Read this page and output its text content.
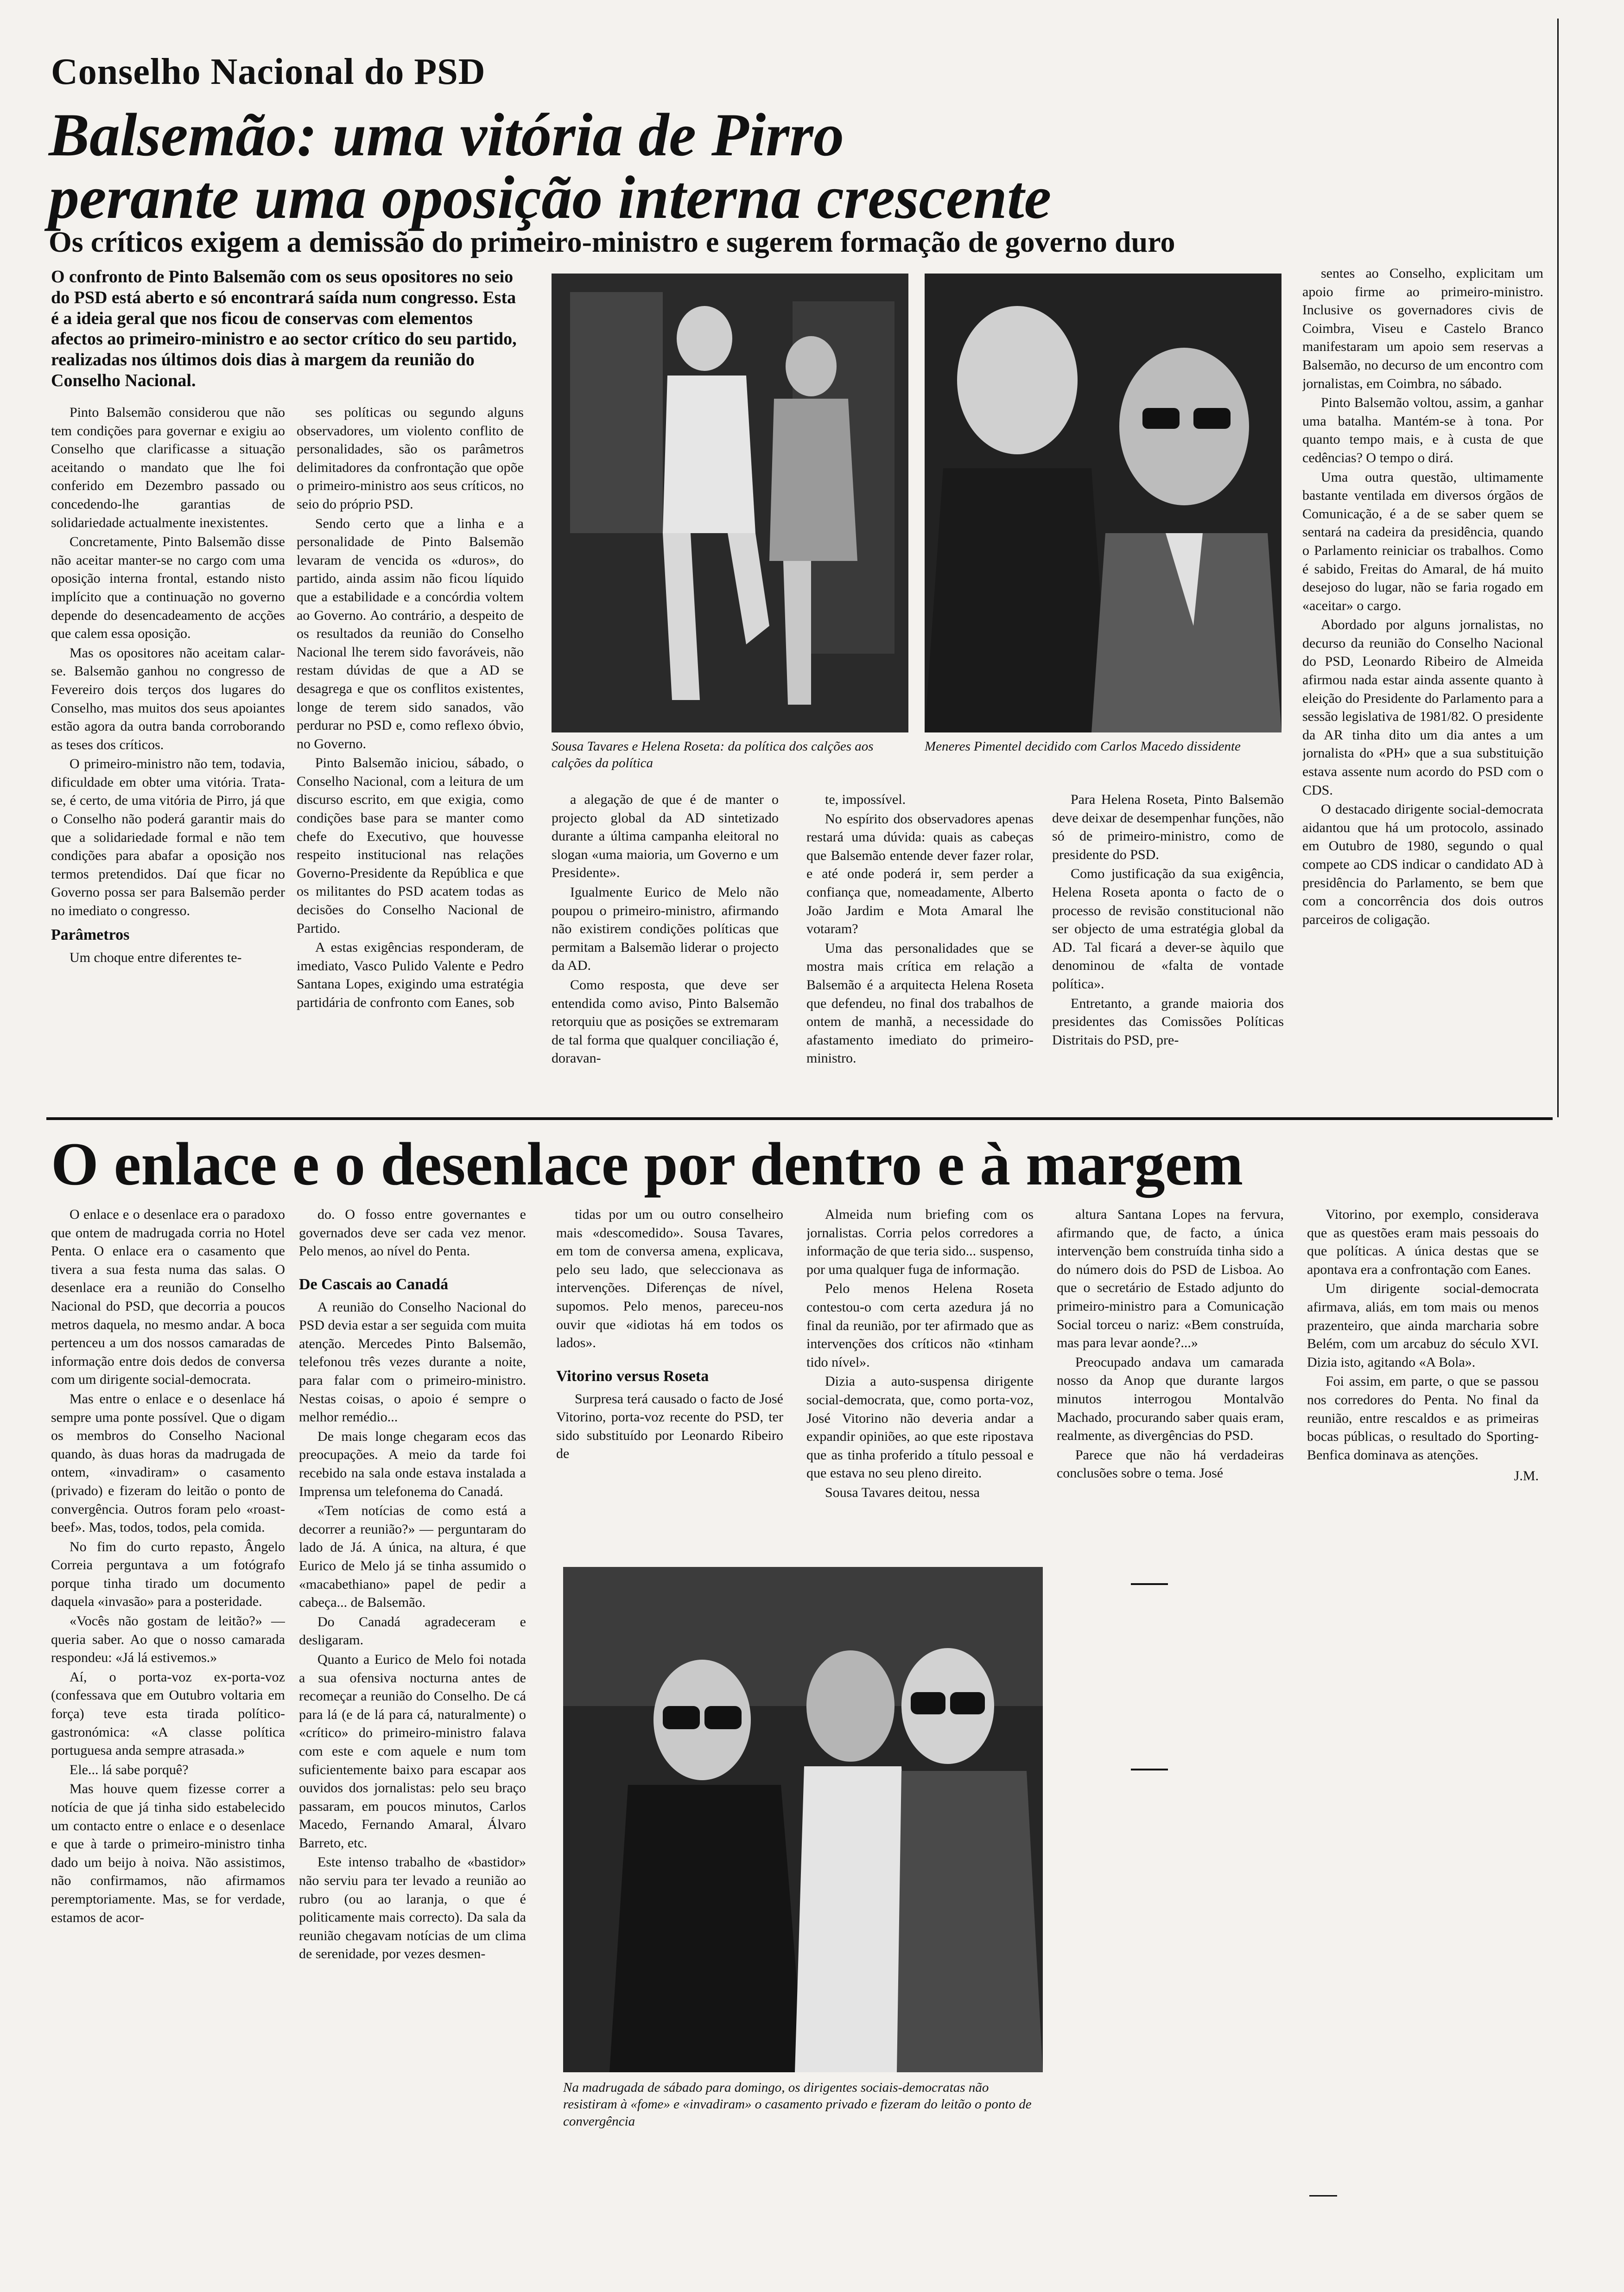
Conselho Nacional do PSD
Balsemão: uma vitória de Pirro
perante uma oposição interna crescente
Os críticos exigem a demissão do primeiro-ministro e sugerem formação de governo duro
O confronto de Pinto Balsemão com os seus opositores no seio do PSD está aberto e só encontrará saída num congresso. Esta é a ideia geral que nos ficou de conservas com elementos afectos ao primeiro-ministro e ao sector crítico do seu partido, realizadas nos últimos dois dias à margem da reunião do Conselho Nacional.

Pinto Balsemão considerou que não tem condições para governar e exigiu ao Conselho que clarificasse a situação aceitando o mandato que lhe foi conferido em Dezembro passado ou concedendo-lhe garantias de solidariedade actualmente inexistentes.

Concretamente, Pinto Balsemão disse não aceitar manter-se no cargo com uma oposição interna frontal, estando nisto implícito que a continuação no governo depende do desencadeamento de acções que calem essa oposição.

Mas os opositores não aceitam calar-se. Balsemão ganhou no congresso de Fevereiro dois terços dos lugares do Conselho, mas muitos dos seus apoiantes estão agora da outra banda corroborando as teses dos críticos.

O primeiro-ministro não tem, todavia, dificuldade em obter uma vitória. Trata-se, é certo, de uma vitória de Pirro, já que o Conselho não poderá garantir mais do que a solidariedade formal e não tem condições para abafar a oposição nos termos pretendidos. Daí que ficar no Governo possa ser para Balsemão perder no imediato o congresso.

Parâmetros

Um choque entre diferentes te-

ses políticas ou segundo alguns observadores, um violento conflito de personalidades, são os parâmetros delimitadores da confrontação que opõe o primeiro-ministro aos seus críticos, no seio do próprio PSD.

Sendo certo que a linha e a personalidade de Pinto Balsemão levaram de vencida os «duros», do partido, ainda assim não ficou líquido que a estabilidade e a concórdia voltem ao Governo. Ao contrário, a despeito de os resultados da reunião do Conselho Nacional lhe terem sido favoráveis, não restam dúvidas de que a AD se desagrega e que os conflitos existentes, longe de terem sido sanados, vão perdurar no PSD e, como reflexo óbvio, no Governo.

Pinto Balsemão iniciou, sábado, o Conselho Nacional, com a leitura de um discurso escrito, em que exigia, como condições base para se manter como chefe do Executivo, que houvesse respeito institucional nas relações Governo-Presidente da República e que os militantes do PSD acatem todas as decisões do Conselho Nacional de Partido.

A estas exigências responderam, de imediato, Vasco Pulido Valente e Pedro Santana Lopes, exigindo uma estratégia partidária de confronto com Eanes, sob

Sousa Tavares e Helena Roseta: da política dos calções aos calções da política
Meneres Pimentel decidido com Carlos Macedo dissidente

a alegação de que é de manter o projecto global da AD sintetizado durante a última campanha eleitoral no slogan «uma maioria, um Governo e um Presidente».

Igualmente Eurico de Melo não poupou o primeiro-ministro, afirmando não existirem condições políticas que permitam a Balsemão liderar o projecto da AD.

Como resposta, que deve ser entendida como aviso, Pinto Balsemão retorquiu que as posições se extremaram de tal forma que qualquer conciliação é, doravan-

te, impossível.

No espírito dos observadores apenas restará uma dúvida: quais as cabeças que Balsemão entende dever fazer rolar, e até onde poderá ir, sem perder a confiança que, nomeadamente, Alberto João Jardim e Mota Amaral lhe votaram?

Uma das personalidades que se mostra mais crítica em relação a Balsemão é a arquitecta Helena Roseta que defendeu, no final dos trabalhos de ontem de manhã, a necessidade do afastamento imediato do primeiro-ministro.

Para Helena Roseta, Pinto Balsemão deve deixar de desempenhar funções, não só de primeiro-ministro, como de presidente do PSD.

Como justificação da sua exigência, Helena Roseta aponta o facto de o processo de revisão constitucional não ser objecto de uma estratégia global da AD. Tal ficará a dever-se àquilo que denominou de «falta de vontade política».

Entretanto, a grande maioria dos presidentes das Comissões Políticas Distritais do PSD, pre-

sentes ao Conselho, explicitam um apoio firme ao primeiro-ministro. Inclusive os governadores civis de Coimbra, Viseu e Castelo Branco manifestaram um apoio sem reservas a Balsemão, no decurso de um encontro com jornalistas, em Coimbra, no sábado.

Pinto Balsemão voltou, assim, a ganhar uma batalha. Mantém-se à tona. Por quanto tempo mais, e à custa de que cedências? O tempo o dirá.

Uma outra questão, ultimamente bastante ventilada em diversos órgãos de Comunicação, é a de se saber quem se sentará na cadeira da presidência, quando o Parlamento reiniciar os trabalhos. Como é sabido, Freitas do Amaral, de há muito desejoso do lugar, não se faria rogado em «aceitar» o cargo.

Abordado por alguns jornalistas, no decurso da reunião do Conselho Nacional do PSD, Leonardo Ribeiro de Almeida afirmou nada estar ainda assente quanto à eleição do Presidente do Parlamento para a sessão legislativa de 1981/82. O presidente da AR tinha dito um dia antes a um jornalista do «PH» que a sua substituição estava assente num acordo do PSD com o CDS.

O destacado dirigente social-democrata aidantou que há um protocolo, assinado em Outubro de 1980, segundo o qual compete ao CDS indicar o candidato AD à presidência do Parlamento, se bem que com a concorrência dos dois outros parceiros de coligação.

O enlace e o desenlace por dentro e à margem

O enlace e o desenlace era o paradoxo que ontem de madrugada corria no Hotel Penta. O enlace era o casamento que tivera a sua festa numa das salas. O desenlace era a reunião do Conselho Nacional do PSD, que decorria a poucos metros daquela, no mesmo andar. A boca pertenceu a um dos nossos camaradas de informação entre dois dedos de conversa com um dirigente social-democrata.

Mas entre o enlace e o desenlace há sempre uma ponte possível. Que o digam os membros do Conselho Nacional quando, às duas horas da madrugada de ontem, «invadiram» o casamento (privado) e fizeram do leitão o ponto de convergência. Outros foram pelo «roast-beef». Mas, todos, todos, pela comida.

No fim do curto repasto, Ângelo Correia perguntava a um fotógrafo porque tinha tirado um documento daquela «invasão» para a posteridade.

«Vocês não gostam de leitão?» — queria saber. Ao que o nosso camarada respondeu: «Já lá estivemos.»

Aí, o porta-voz ex-porta-voz (confessava que em Outubro voltaria em força) teve esta tirada político-gastronómica: «A classe política portuguesa anda sempre atrasada.»

Ele... lá sabe porquê?

Mas houve quem fizesse correr a notícia de que já tinha sido estabelecido um contacto entre o enlace e o desenlace e que à tarde o primeiro-ministro tinha dado um beijo à noiva. Não assistimos, não confirmamos, não afirmamos peremptoriamente. Mas, se for verdade, estamos de acor-

do. O fosso entre governantes e governados deve ser cada vez menor. Pelo menos, ao nível do Penta.

De Cascais ao Canadá

A reunião do Conselho Nacional do PSD devia estar a ser seguida com muita atenção. Mercedes Pinto Balsemão, telefonou três vezes durante a noite, para falar com o primeiro-ministro. Nestas coisas, o apoio é sempre o melhor remédio...

De mais longe chegaram ecos das preocupações. A meio da tarde foi recebido na sala onde estava instalada a Imprensa um telefonema do Canadá.

«Tem notícias de como está a decorrer a reunião?» — perguntaram do lado de Já. A única, na altura, é que Eurico de Melo já se tinha assumido o «macabethiano» papel de pedir a cabeça... de Balsemão.

Do Canadá agradeceram e desligaram.

Quanto a Eurico de Melo foi notada a sua ofensiva nocturna antes de recomeçar a reunião do Conselho. De cá para lá (e de lá para cá, naturalmente) o «crítico» do primeiro-ministro falava com este e com aquele e num tom suficientemente baixo para escapar aos ouvidos dos jornalistas: pelo seu braço passaram, em poucos minutos, Carlos Macedo, Fernando Amaral, Álvaro Barreto, etc.

Este intenso trabalho de «bastidor» não serviu para ter levado a reunião ao rubro (ou ao laranja, o que é politicamente mais correcto). Da sala da reunião chegavam notícias de um clima de serenidade, por vezes desmen-

tidas por um ou outro conselheiro mais «descomedido». Sousa Tavares, em tom de conversa amena, explicava, pelo seu lado, que seleccionava as intervenções. Diferenças de nível, supomos. Pelo menos, pareceu-nos ouvir que «idiotas há em todos os lados».

Vitorino versus Roseta

Surpresa terá causado o facto de José Vitorino, porta-voz recente do PSD, ter sido substituído por Leonardo Ribeiro de

Almeida num briefing com os jornalistas. Corria pelos corredores a informação de que teria sido... suspenso, por uma qualquer fuga de informação.

Pelo menos Helena Roseta contestou-o com certa azedura já no final da reunião, por ter afirmado que as intervenções dos críticos não «tinham tido nível».

Dizia a auto-suspensa dirigente social-democrata, que, como porta-voz, José Vitorino não deveria andar a expandir opiniões, ao que este ripostava que as tinha proferido a título pessoal e que estava no seu pleno direito.

Sousa Tavares deitou, nessa

altura Santana Lopes na fervura, afirmando que, de facto, a única intervenção bem construída tinha sido a do número dois do PSD de Lisboa. Ao que o secretário de Estado adjunto do primeiro-ministro para a Comunicação Social torceu o nariz: «Bem construída, mas para levar aonde?...»

Preocupado andava um camarada nosso da Anop que durante largos minutos interrogou Montalvão Machado, procurando saber quais eram, realmente, as divergências do PSD.

Parece que não há verdadeiras conclusões sobre o tema. José

Vitorino, por exemplo, considerava que as questões eram mais pessoais do que políticas. A única destas que se apontava era a confrontação com Eanes.

Um dirigente social-democrata afirmava, aliás, em tom mais ou menos prazenteiro, que ainda marcharia sobre Belém, com um arcabuz do século XVI. Dizia isto, agitando «A Bola».

Foi assim, em parte, o que se passou nos corredores do Penta. No final da reunião, entre rescaldos e as primeiras bocas públicas, o resultado do Sporting-Benfica dominava as atenções.

J.M.
Na madrugada de sábado para domingo, os dirigentes sociais-democratas não resistiram à «fome» e «invadiram» o casamento privado e fizeram do leitão o ponto de convergência
